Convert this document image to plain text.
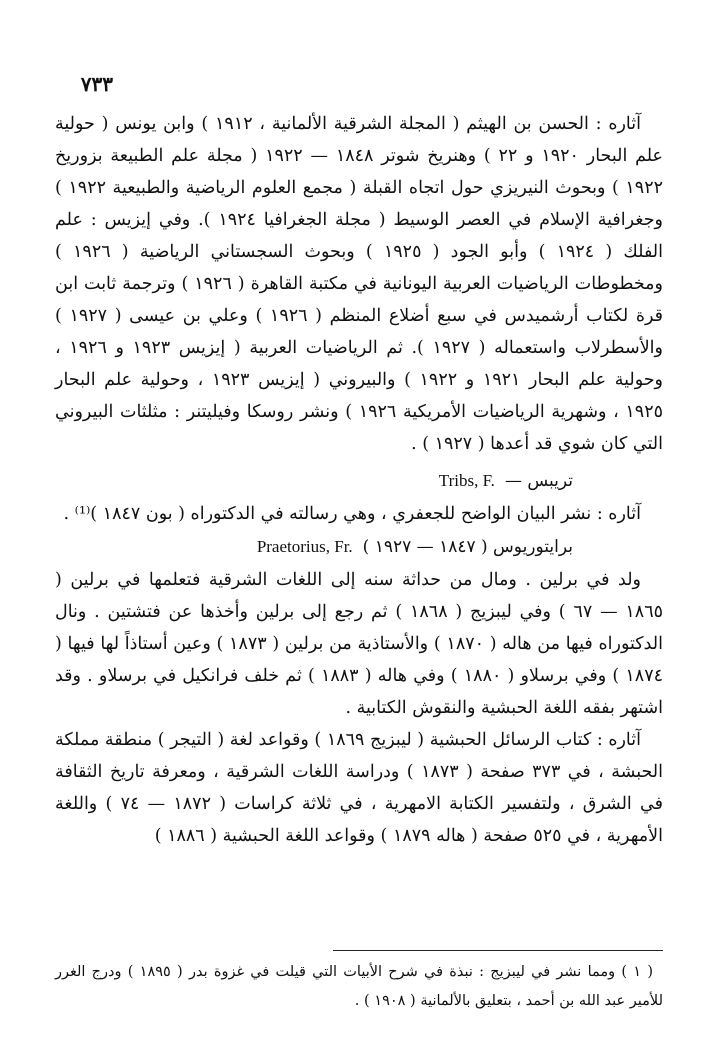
٧٣٣

آثاره : الحسن بن الهيثم ( المجلة الشرقية الألمانية ، ١٩١٢ ) وابن يونس ( حولية علم البحار ١٩٢٠ و ٢٢ ) وهنريخ شوتر ١٨٤٨ — ١٩٢٢ ( مجلة علم الطبيعة بزوريخ ١٩٢٢ ) وبحوث النيريزي حول اتجاه القبلة ( مجمع العلوم الرياضية والطبيعية ١٩٢٢ ) وجغرافية الإسلام في العصر الوسيط ( مجلة الجغرافيا ١٩٢٤ ). وفي إيزيس : علم الفلك ( ١٩٢٤ ) وأبو الجود ( ١٩٢٥ ) وبحوث السجستاني الرياضية ( ١٩٢٦ ) ومخطوطات الرياضيات العربية اليونانية في مكتبة القاهرة ( ١٩٢٦ ) وترجمة ثابت ابن قرة لكتاب أرشميدس في سبع أضلاع المنظم ( ١٩٢٦ ) وعلي بن عيسى ( ١٩٢٧ ) والأسطرلاب واستعماله ( ١٩٢٧ ). ثم الرياضيات العربية ( إيزيس ١٩٢٣ و ١٩٢٦ ، وحولية علم البحار ١٩٢١ و ١٩٢٢ ) والبيروني ( إيزيس ١٩٢٣ ، وحولية علم البحار ١٩٢٥ ، وشهرية الرياضيات الأمريكية ١٩٢٦ ) ونشر روسكا وفيليتنر : مثلثات البيروني التي كان شوي قد أعدها ( ١٩٢٧ ) .

تريبس —
Tribs, F.

آثاره : نشر البيان الواضح للجعفري ، وهي رسالته في الدكتوراه ( بون ١٨٤٧ )⁽¹⁾ .

برايتوريوس ( ١٨٤٧ — ١٩٢٧ )
Praetorius, Fr.

ولد في برلين . ومال من حداثة سنه إلى اللغات الشرقية فتعلمها في برلين ( ١٨٦٥ — ٦٧ ) وفي ليبزيج ( ١٨٦٨ ) ثم رجع إلى برلين وأخذها عن فتشتين . ونال الدكتوراه فيها من هاله ( ١٨٧٠ ) والأستاذية من برلين ( ١٨٧٣ ) وعين أستاذاً لها فيها ( ١٨٧٤ ) وفي برسلاو ( ١٨٨٠ ) وفي هاله ( ١٨٨٣ ) ثم خلف فرانكيل في برسلاو . وقد اشتهر بفقه اللغة الحبشية والنقوش الكتابية .

آثاره : كتاب الرسائل الحبشية ( ليبزيج ١٨٦٩ ) وقواعد لغة ( التيجر ) منطقة مملكة الحبشة ، في ٣٧٣ صفحة ( ١٨٧٣ ) ودراسة اللغات الشرقية ، ومعرفة تاريخ الثقافة في الشرق ، ولتفسير الكتابة الامهرية ، في ثلاثة كراسات ( ١٨٧٢ — ٧٤ ) واللغة الأمهرية ، في ٥٢٥ صفحة ( هاله ١٨٧٩ ) وقواعد اللغة الحبشية ( ١٨٨٦ )

( ١ ) ومما نشر في ليبزيج : نبذة في شرح الأبيات التي قيلت في غزوة بدر ( ١٨٩٥ ) ودرج الغرر للأمير عبد الله بن أحمد ، بتعليق بالألمانية ( ١٩٠٨ ) .
